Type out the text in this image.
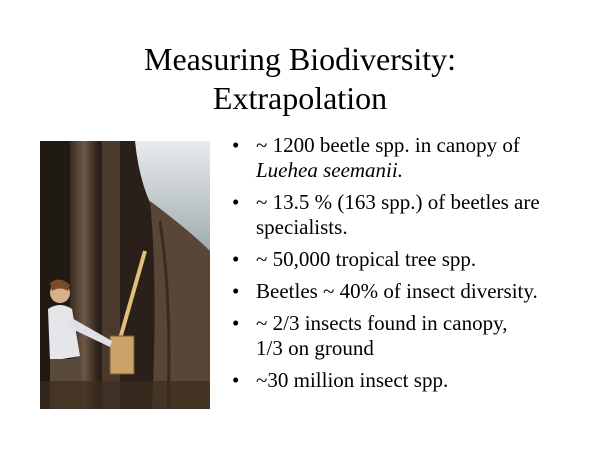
Measuring Biodiversity:
Extrapolation
• ~ 1200 beetle spp. in canopy of
Luehea seemanii.
• ~ 13.5 % (163 spp.) of beetles are
specialists.
• ~ 50,000 tropical tree spp.
• Beetles ~ 40% of insect diversity.
• ~ 2/3 insects found in canopy,
1/3 on ground
• ~30 million insect spp.
